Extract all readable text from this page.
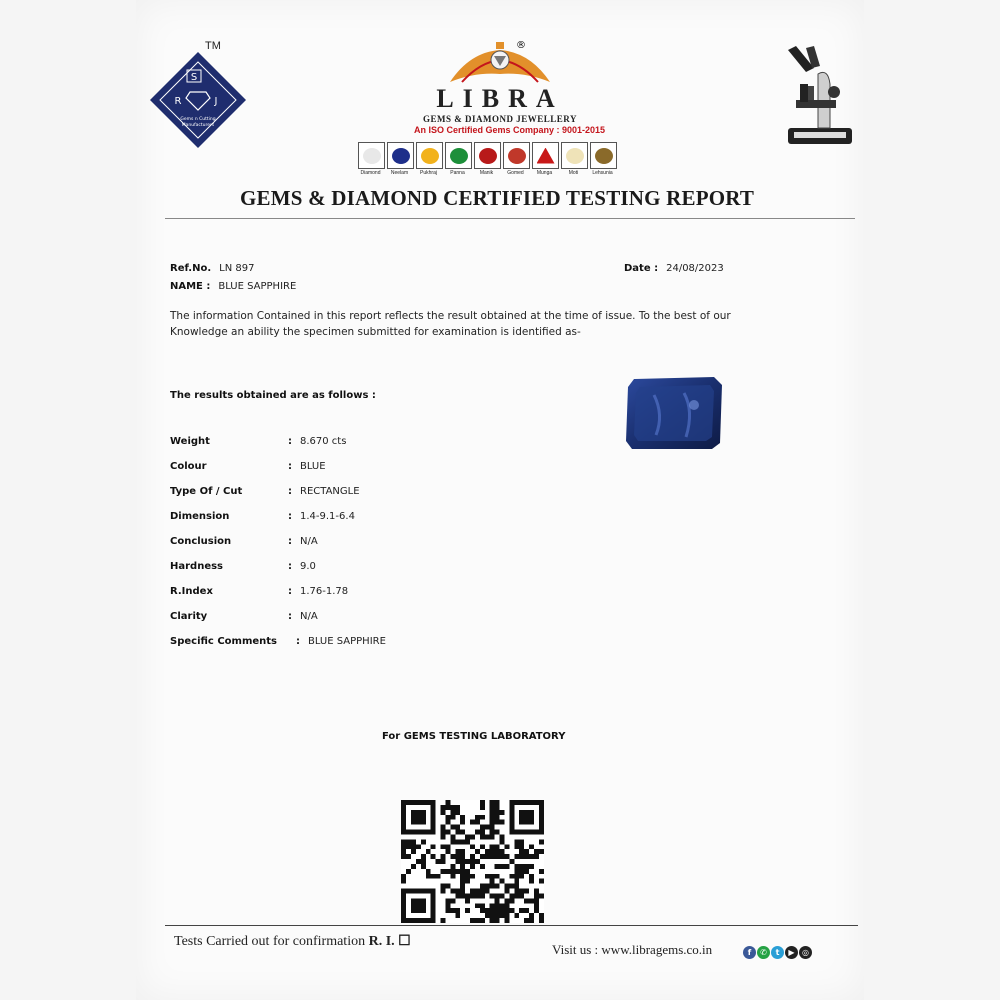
TM
S
R	J
Gems n Cutting
Manufacturers
®
LIBRA
GEMS & DIAMOND JEWELLERY
An ISO Certified Gems Company : 9001-2015
Diamond	Neelam	Pukhraj	Panna	Manik	Gomed	Munga	Moti	Lehsunia
GEMS & DIAMOND CERTIFIED TESTING REPORT
Ref.No. LN 897
NAME : BLUE SAPPHIRE
Date : 24/08/2023
The information Contained in this report reflects the result obtained at the time of issue. To the best of our
Knowledge an ability the specimen submitted for examination is identified as-
The results obtained are as follows :
Weight	: 8.670 cts
Colour	: BLUE
Type Of / Cut	: RECTANGLE
Dimension	: 1.4-9.1-6.4
Conclusion	: N/A
Hardness	: 9.0
R.Index	: 1.76-1.78
Clarity	: N/A
Specific Comments	: BLUE SAPPHIRE
For GEMS TESTING LABORATORY
Tests Carried out for confirmation R. I. ☐
Visit us : www.libragems.co.in	f	✆	t	▶ ◎
